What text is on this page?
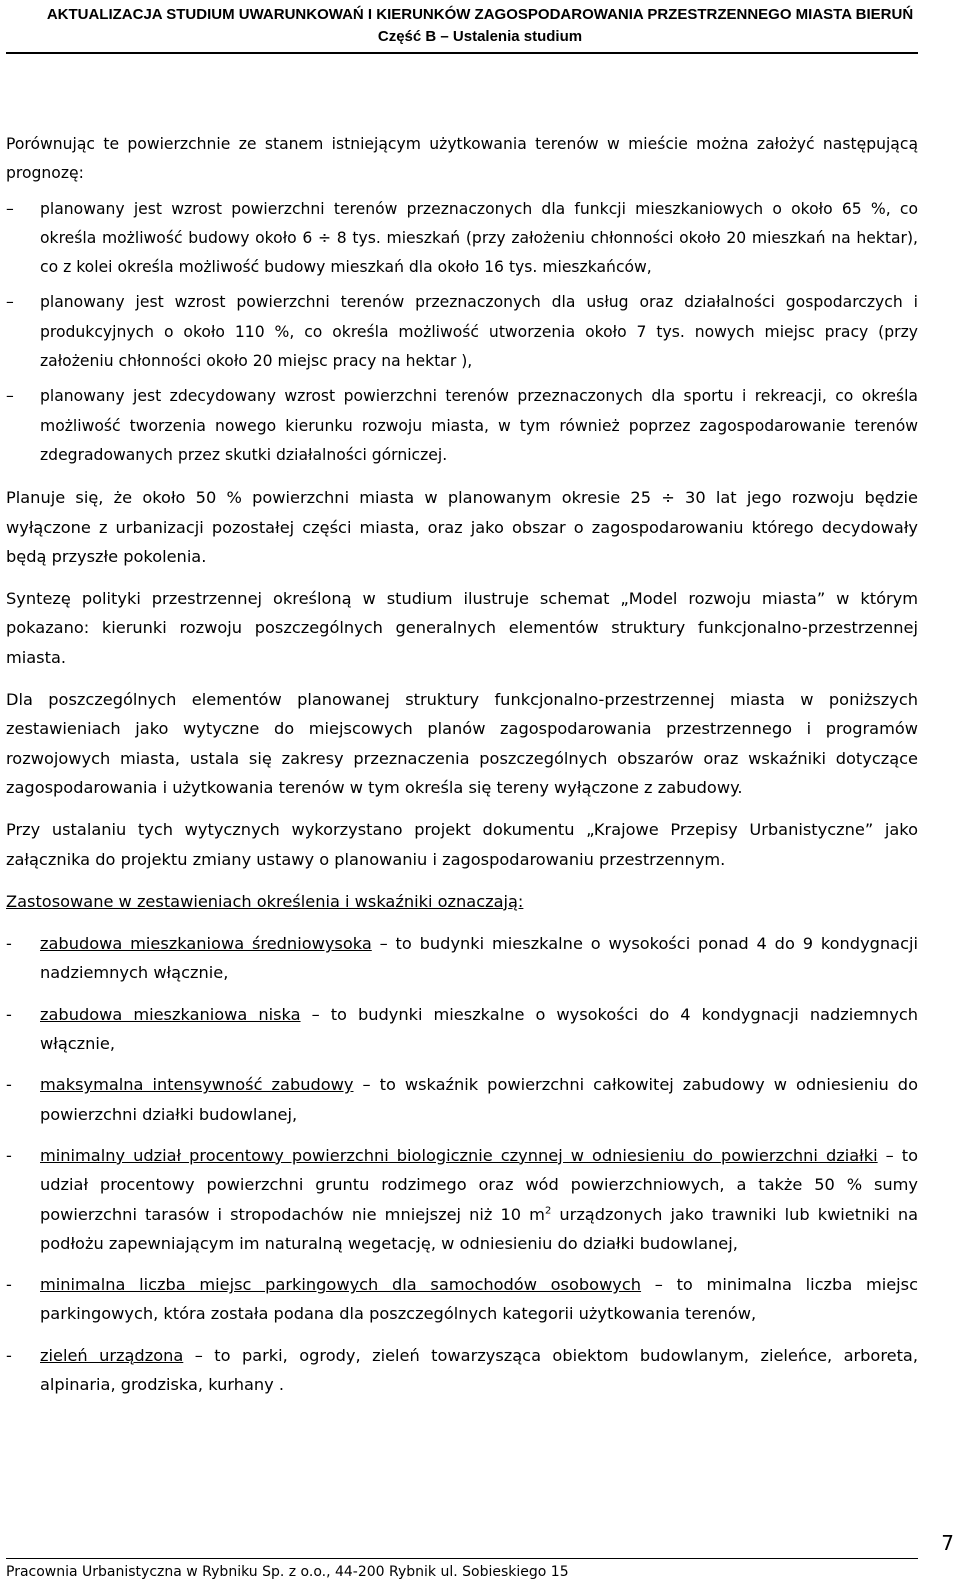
AKTUALIZACJA STUDIUM UWARUNKOWAŃ I KIERUNKÓW ZAGOSPODAROWANIA PRZESTRZENNEGO MIASTA BIERUŃ
Część B – Ustalenia studium

Porównując te powierzchnie ze stanem istniejącym użytkowania terenów w mieście można założyć następującą prognozę:

– planowany jest wzrost powierzchni terenów przeznaczonych dla funkcji mieszkaniowych o około 65 %, co określa możliwość budowy około 6 ÷ 8 tys. mieszkań (przy założeniu chłonności około 20 mieszkań na hektar), co z kolei określa możliwość budowy mieszkań dla około 16 tys. mieszkańców,
– planowany jest wzrost powierzchni terenów przeznaczonych dla usług oraz działalności gospodarczych i produkcyjnych o około 110 %, co określa możliwość utworzenia około 7 tys. nowych miejsc pracy (przy założeniu chłonności około 20 miejsc pracy na hektar ),
– planowany jest zdecydowany wzrost powierzchni terenów przeznaczonych dla sportu i rekreacji, co określa możliwość tworzenia nowego kierunku rozwoju miasta, w tym również poprzez zagospodarowanie terenów zdegradowanych przez skutki działalności górniczej.

Planuje się, że około 50 % powierzchni miasta w planowanym okresie 25 ÷ 30 lat jego rozwoju będzie wyłączone z urbanizacji pozostałej części miasta, oraz jako obszar o zagospodarowaniu którego decydowały będą przyszłe pokolenia.

Syntezę polityki przestrzennej określoną w studium ilustruje schemat „Model rozwoju miasta” w którym pokazano: kierunki rozwoju poszczególnych generalnych elementów struktury funkcjonalno-przestrzennej miasta.

Dla poszczególnych elementów planowanej struktury funkcjonalno-przestrzennej miasta w poniższych zestawieniach jako wytyczne do miejscowych planów zagospodarowania przestrzennego i programów rozwojowych miasta, ustala się zakresy przeznaczenia poszczególnych obszarów oraz wskaźniki dotyczące zagospodarowania i użytkowania terenów w tym określa się tereny wyłączone z zabudowy.

Przy ustalaniu tych wytycznych wykorzystano projekt dokumentu „Krajowe Przepisy Urbanistyczne” jako załącznika do projektu zmiany ustawy o planowaniu i zagospodarowaniu przestrzennym.

Zastosowane w zestawieniach określenia i wskaźniki oznaczają:

- zabudowa mieszkaniowa średniowysoka – to budynki mieszkalne o wysokości ponad 4 do 9 kondygnacji nadziemnych włącznie,
- zabudowa mieszkaniowa niska – to budynki mieszkalne o wysokości do 4 kondygnacji nadziemnych włącznie,
- maksymalna intensywność zabudowy – to wskaźnik powierzchni całkowitej zabudowy w odniesieniu do powierzchni działki budowlanej,
- minimalny udział procentowy powierzchni biologicznie czynnej w odniesieniu do powierzchni działki – to udział procentowy powierzchni gruntu rodzimego oraz wód powierzchniowych, a także 50 % sumy powierzchni tarasów i stropodachów nie mniejszej niż 10 $m^2$ urządzonych jako trawniki lub kwietniki na podłożu zapewniającym im naturalną wegetację, w odniesieniu do działki budowlanej,
- minimalna liczba miejsc parkingowych dla samochodów osobowych – to minimalna liczba miejsc parkingowych, która została podana dla poszczególnych kategorii użytkowania terenów,
- zieleń urządzona – to parki, ogrody, zieleń towarzysząca obiektom budowlanym, zieleńce, arboreta, alpinaria, grodziska, kurhany .
7
Pracownia Urbanistyczna w Rybniku Sp. z o.o., 44-200 Rybnik ul. Sobieskiego 15
